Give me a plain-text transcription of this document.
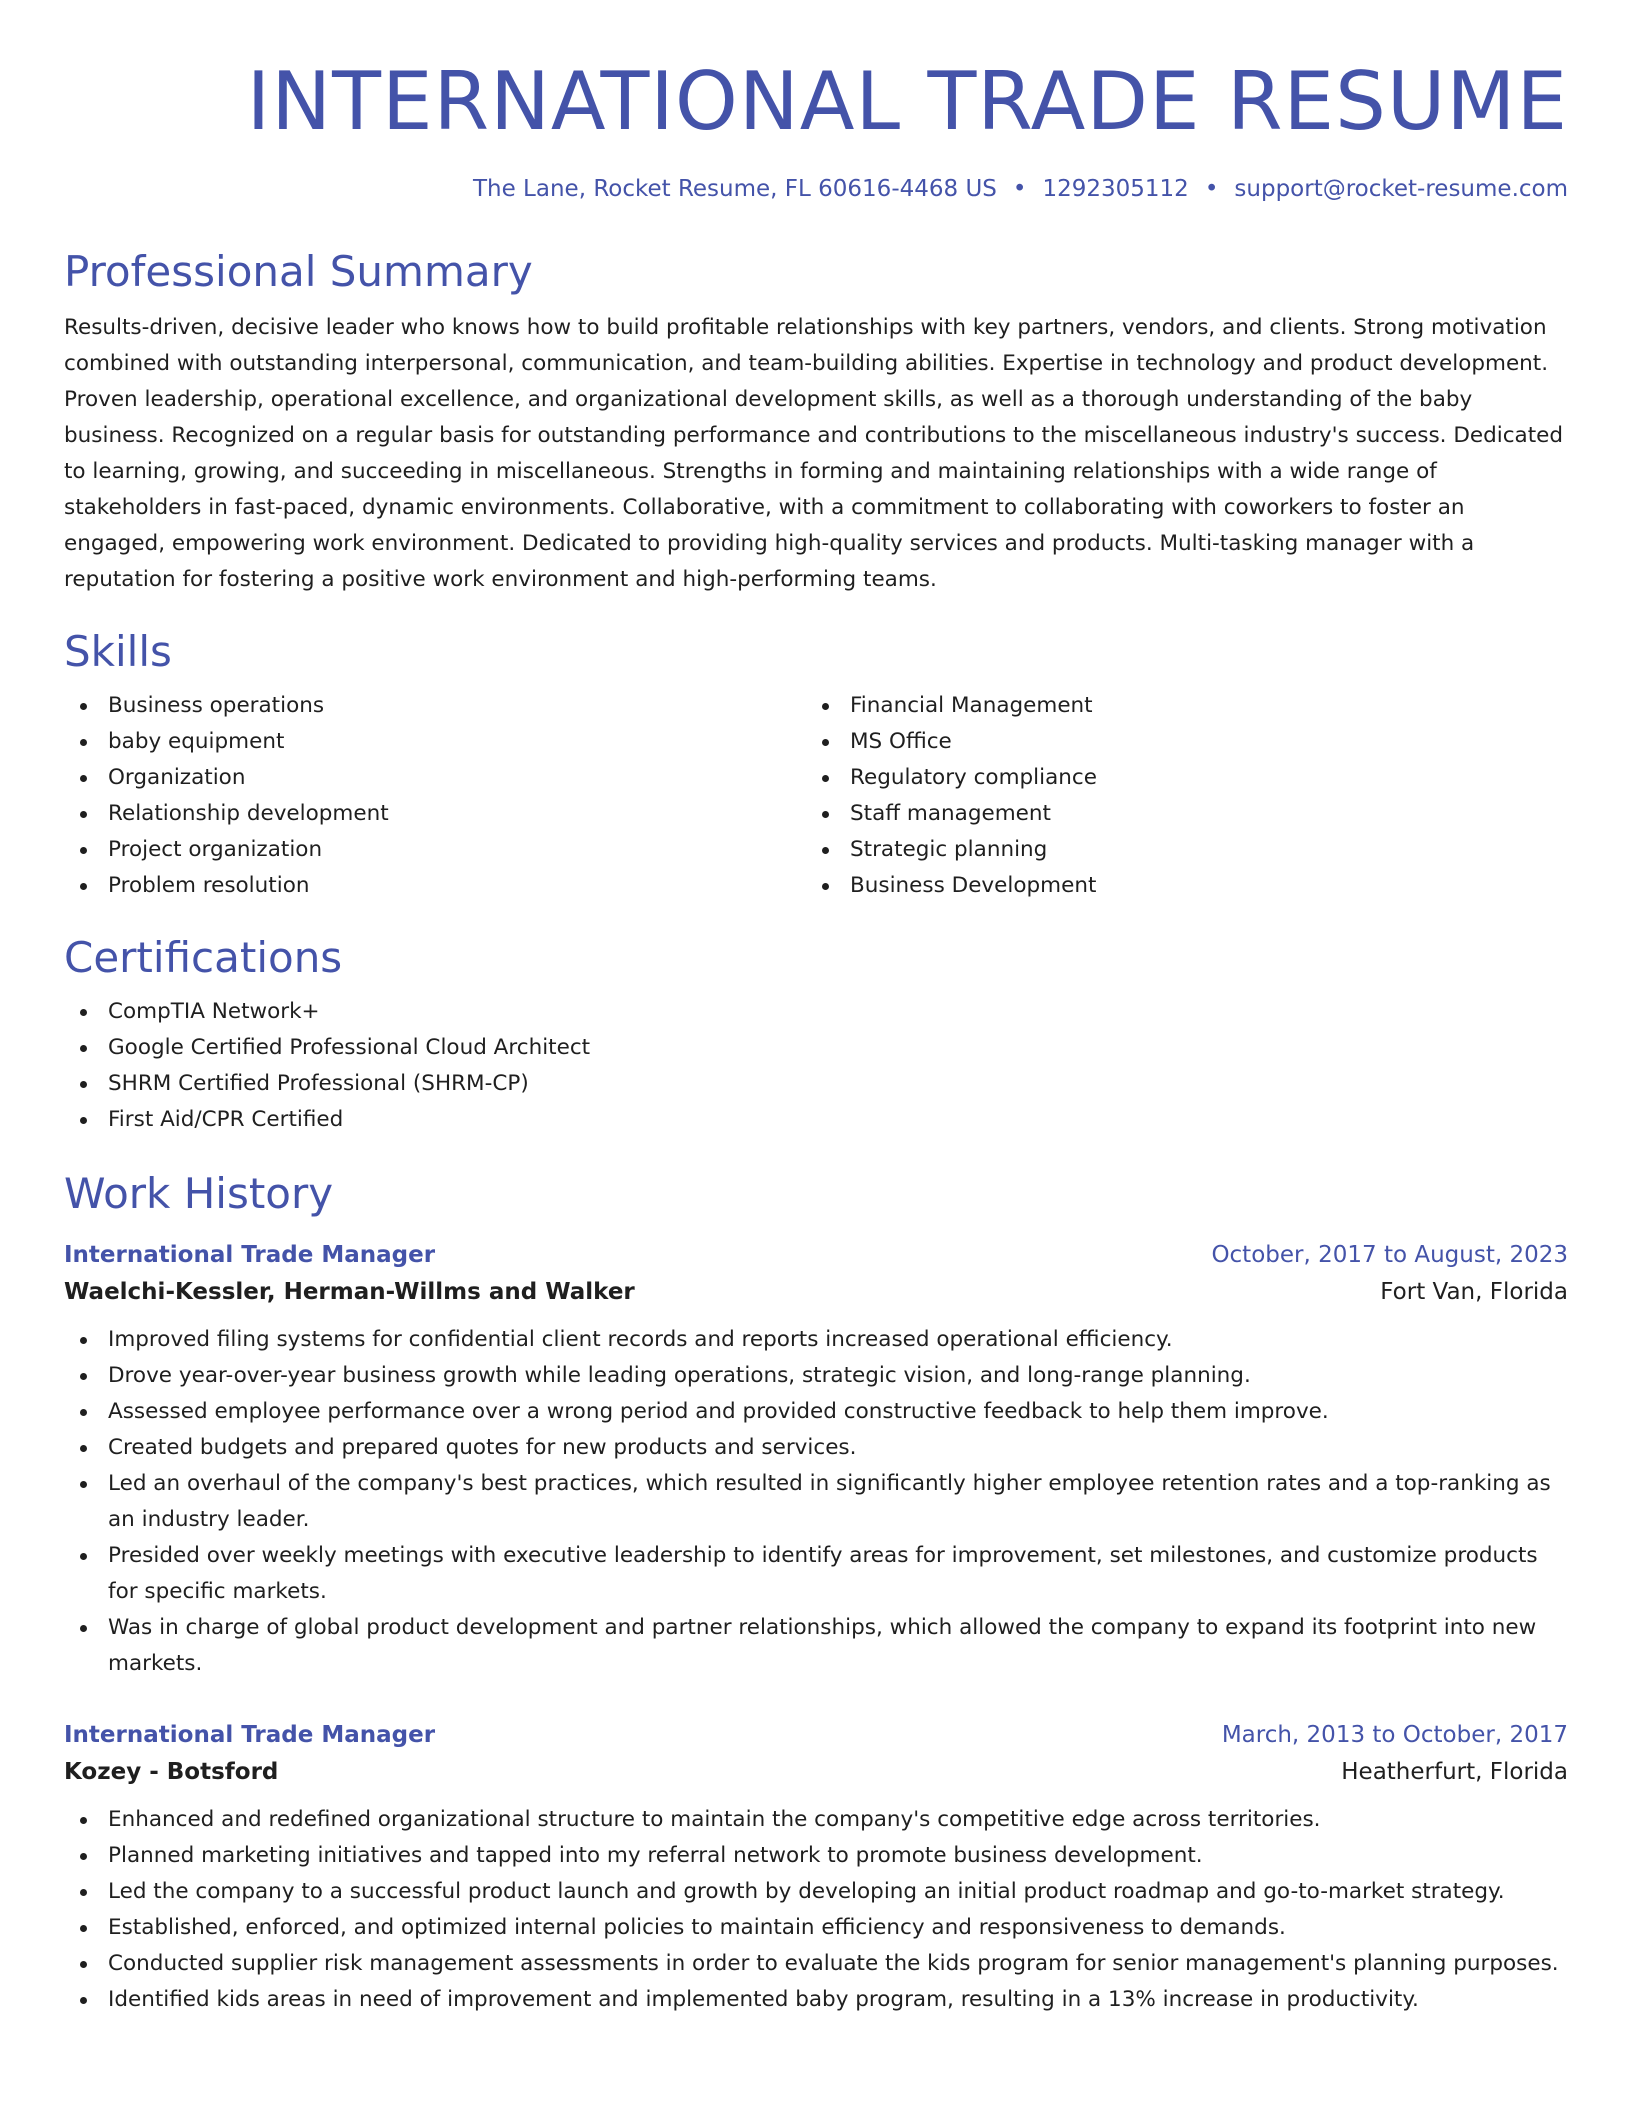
INTERNATIONAL TRADE RESUME
The Lane, Rocket Resume, FL 60616-4468 US • 1292305112 • support@rocket-resume.com
Professional Summary

Results-driven, decisive leader who knows how to build profitable relationships with key partners, vendors, and clients. Strong motivation combined with outstanding interpersonal, communication, and team-building abilities. Expertise in technology and product development. Proven leadership, operational excellence, and organizational development skills, as well as a thorough understanding of the baby business. Recognized on a regular basis for outstanding performance and contributions to the miscellaneous industry's success. Dedicated to learning, growing, and succeeding in miscellaneous. Strengths in forming and maintaining relationships with a wide range of stakeholders in fast-paced, dynamic environments. Collaborative, with a commitment to collaborating with coworkers to foster an engaged, empowering work environment. Dedicated to providing high-quality services and products. Multi-tasking manager with a reputation for fostering a positive work environment and high-performing teams.

Skills
Business operations
baby equipment
Organization
Relationship development
Project organization
Problem resolution
Financial Management
MS Office
Regulatory compliance
Staff management
Strategic planning
Business Development
Certifications
CompTIA Network+
Google Certified Professional Cloud Architect
SHRM Certified Professional (SHRM-CP)
First Aid/CPR Certified
Work History
International Trade Manager	October, 2017 to August, 2023
Waelchi-Kessler, Herman-Willms and Walker	Fort Van, Florida
Improved filing systems for confidential client records and reports increased operational efficiency.
Drove year-over-year business growth while leading operations, strategic vision, and long-range planning.
Assessed employee performance over a wrong period and provided constructive feedback to help them improve.
Created budgets and prepared quotes for new products and services.
Led an overhaul of the company's best practices, which resulted in significantly higher employee retention rates and a top-ranking as an industry leader.
Presided over weekly meetings with executive leadership to identify areas for improvement, set milestones, and customize products for specific markets.
Was in charge of global product development and partner relationships, which allowed the company to expand its footprint into new markets.
International Trade Manager	March, 2013 to October, 2017
Kozey - Botsford	Heatherfurt, Florida
Enhanced and redefined organizational structure to maintain the company's competitive edge across territories.
Planned marketing initiatives and tapped into my referral network to promote business development.
Led the company to a successful product launch and growth by developing an initial product roadmap and go-to-market strategy.
Established, enforced, and optimized internal policies to maintain efficiency and responsiveness to demands.
Conducted supplier risk management assessments in order to evaluate the kids program for senior management's planning purposes.
Identified kids areas in need of improvement and implemented baby program, resulting in a 13% increase in productivity.
